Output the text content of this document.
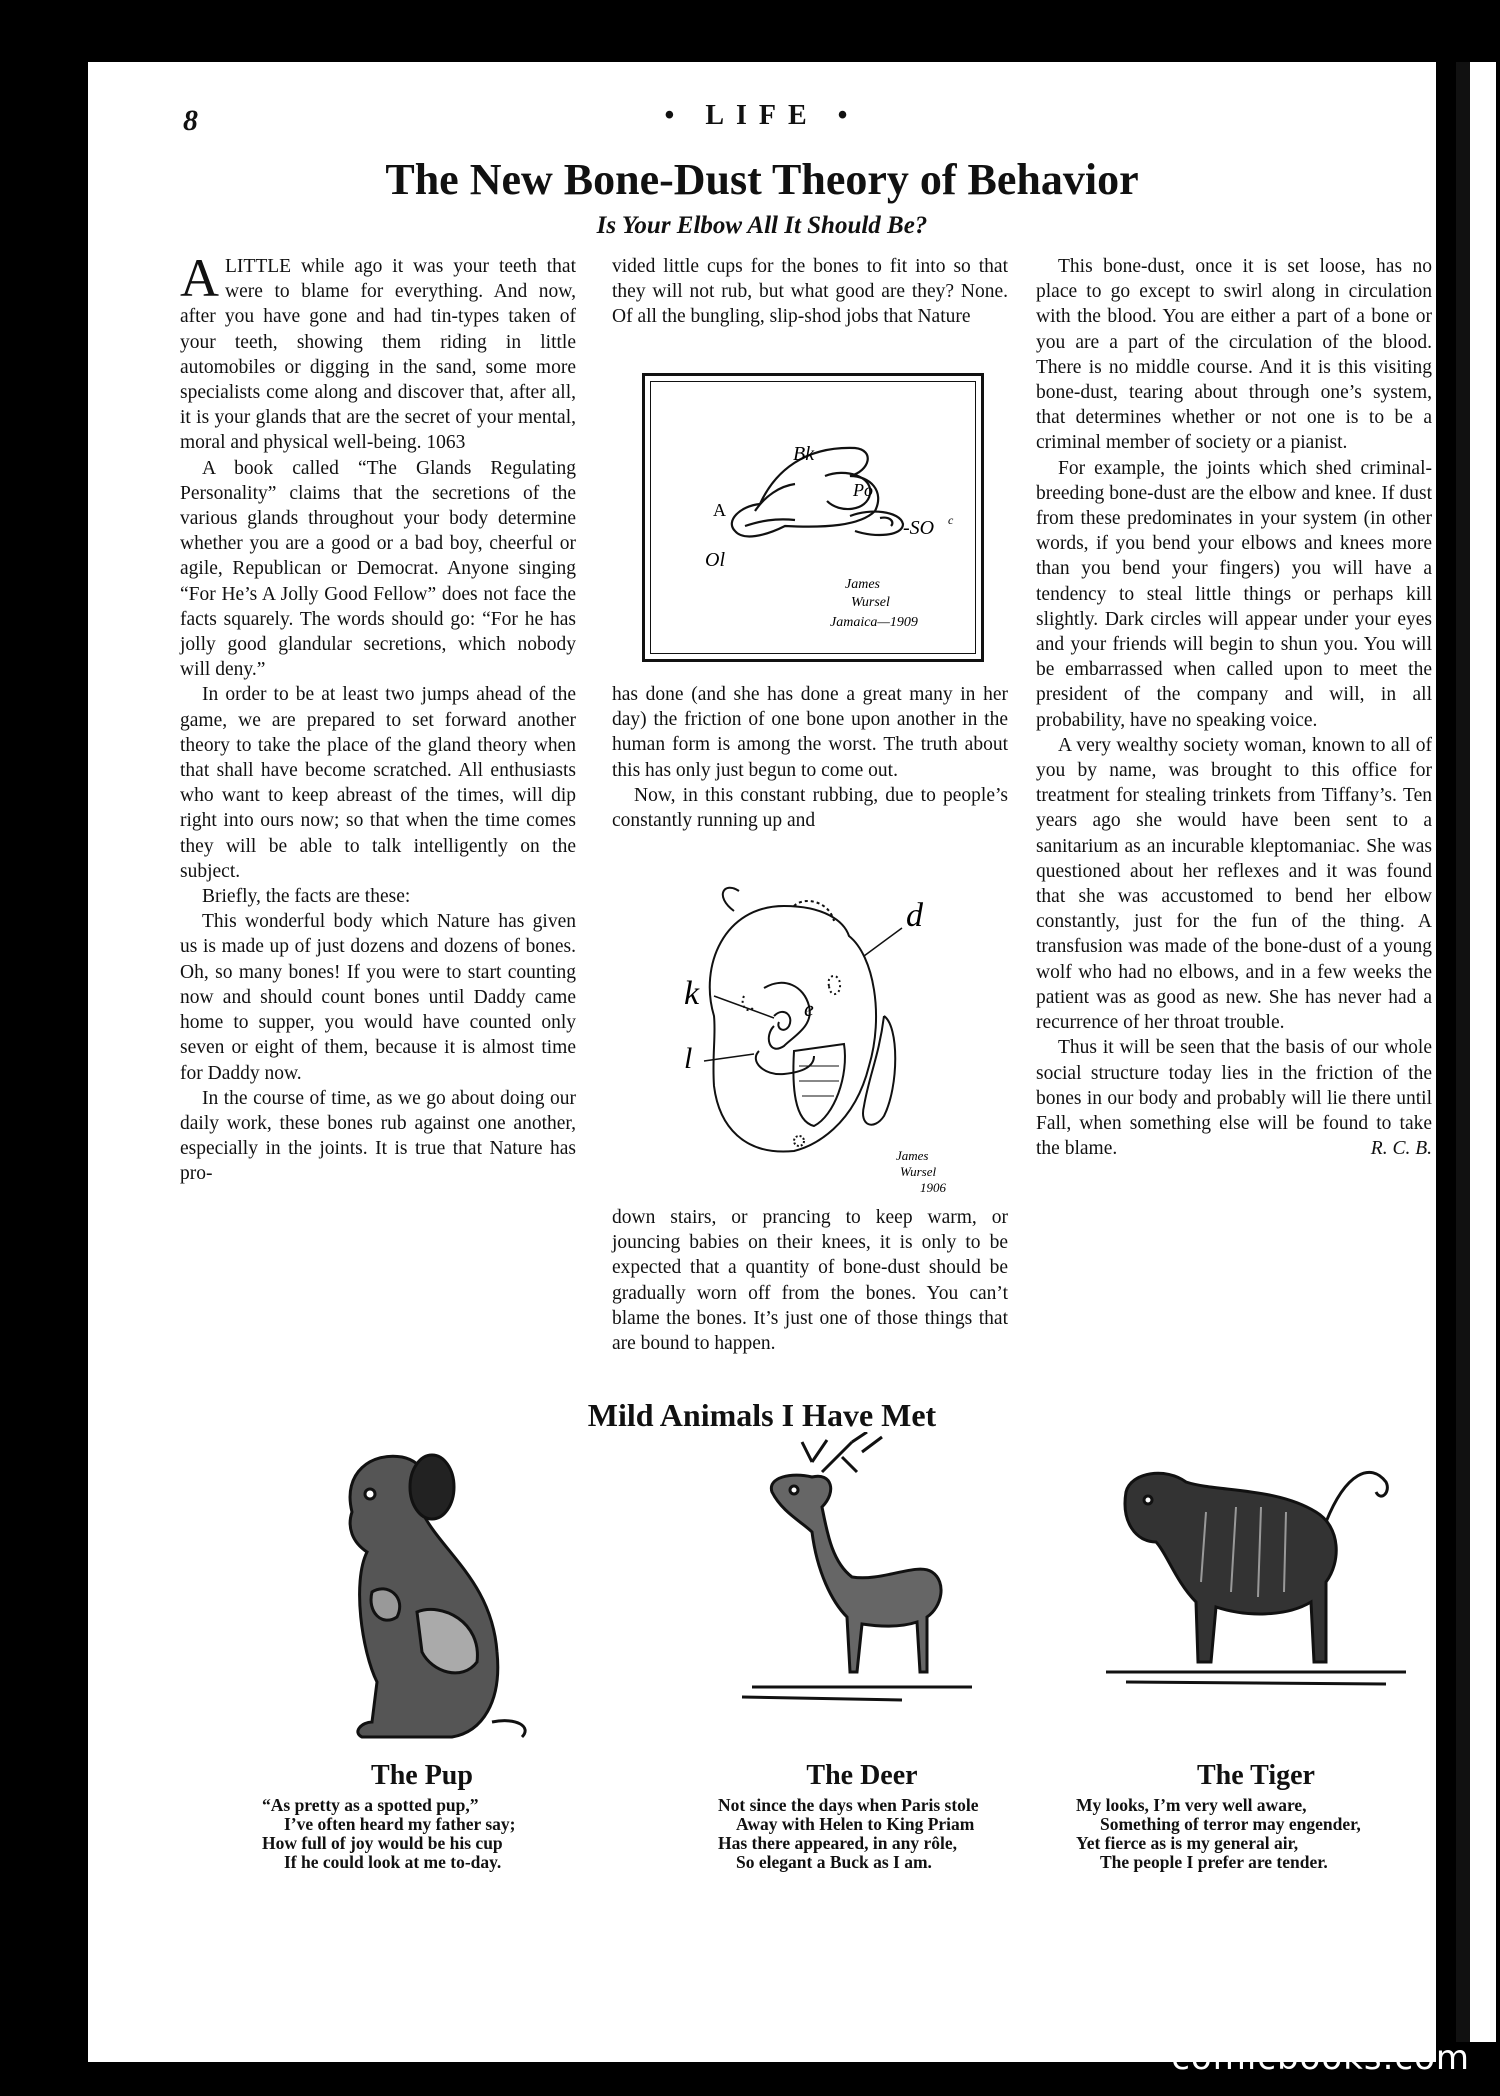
8	• LIFE •
The New Bone-Dust Theory of Behavior
Is Your Elbow All It Should Be?

ALITTLE while ago it was your teeth that were to blame for everything. And now, after you have gone and had tin-types taken of your teeth, showing them riding in little automobiles or digging in the sand, some more specialists come along and discover that, after all, it is your glands that are the secret of your mental, moral and physical well-being. 1063

A book called “The Glands Regulating Personality” claims that the secretions of the various glands throughout your body determine whether you are a good or a bad boy, cheerful or agile, Republican or Democrat. Anyone singing “For He’s A Jolly Good Fellow” does not face the facts squarely. The words should go: “For he has jolly good glandular secretions, which nobody will deny.”

In order to be at least two jumps ahead of the game, we are prepared to set forward another theory to take the place of the gland theory when that shall have become scratched. All enthusiasts who want to keep abreast of the times, will dip right into ours now; so that when the time comes they will be able to talk intelligently on the subject.

Briefly, the facts are these:

This wonderful body which Nature has given us is made up of just dozens and dozens of bones. Oh, so many bones! If you were to start counting now and should count bones until Daddy came home to supper, you would have counted only seven or eight of them, because it is almost time for Daddy now.

In the course of time, as we go about doing our daily work, these bones rub against one another, especially in the joints. It is true that Nature has pro-

vided little cups for the bones to fit into so that they will not rub, but what good are they? None. Of all the bungling, slip-shod jobs that Nature

Bk
Po
A
-SO c
Ol
James
Wursel
Jamaica—1909

has done (and she has done a great many in her day) the friction of one bone upon another in the human form is among the worst. The truth about this has only just begun to come out.

Now, in this constant rubbing, due to people’s constantly running up and

d
k	e
l
James
Wursel
1906

down stairs, or prancing to keep warm, or jouncing babies on their knees, it is only to be expected that a quantity of bone-dust should be gradually worn off from the bones. You can’t blame the bones. It’s just one of those things that are bound to happen.

This bone-dust, once it is set loose, has no place to go except to swirl along in circulation with the blood. You are either a part of a bone or you are a part of the circulation of the blood. There is no middle course. And it is this visiting bone-dust, tearing about through one’s system, that determines whether or not one is to be a criminal member of society or a pianist.

For example, the joints which shed criminal-breeding bone-dust are the elbow and knee. If dust from these predominates in your system (in other words, if you bend your elbows and knees more than you bend your fingers) you will have a tendency to steal little things or perhaps kill slightly. Dark circles will appear under your eyes and your friends will begin to shun you. You will be embarrassed when called upon to meet the president of the company and will, in all probability, have no speaking voice.

A very wealthy society woman, known to all of you by name, was brought to this office for treatment for stealing trinkets from Tiffany’s. Ten years ago she would have been sent to a sanitarium as an incurable kleptomaniac. She was questioned about her reflexes and it was found that she was accustomed to bend her elbow constantly, just for the fun of the thing. A transfusion was made of the bone-dust of a young wolf who had no elbows, and in a few weeks the patient was as good as new. She has never had a recurrence of her throat trouble.

Thus it will be seen that the basis of our whole social structure today lies in the friction of the bones in our body and probably will lie there until Fall, when something else will be found to take the blame.	R. C. B.

Mild Animals I Have Met
The Pup
“As pretty as a spotted pup,”
I’ve often heard my father say;
How full of joy would be his cup
If he could look at me to-day.
The Deer
Not since the days when Paris stole
Away with Helen to King Priam
Has there appeared, in any rôle,
So elegant a Buck as I am.
The Tiger
My looks, I’m very well aware,
Something of terror may engender,
Yet fierce as is my general air,
The people I prefer are tender.
comicbooks.com
